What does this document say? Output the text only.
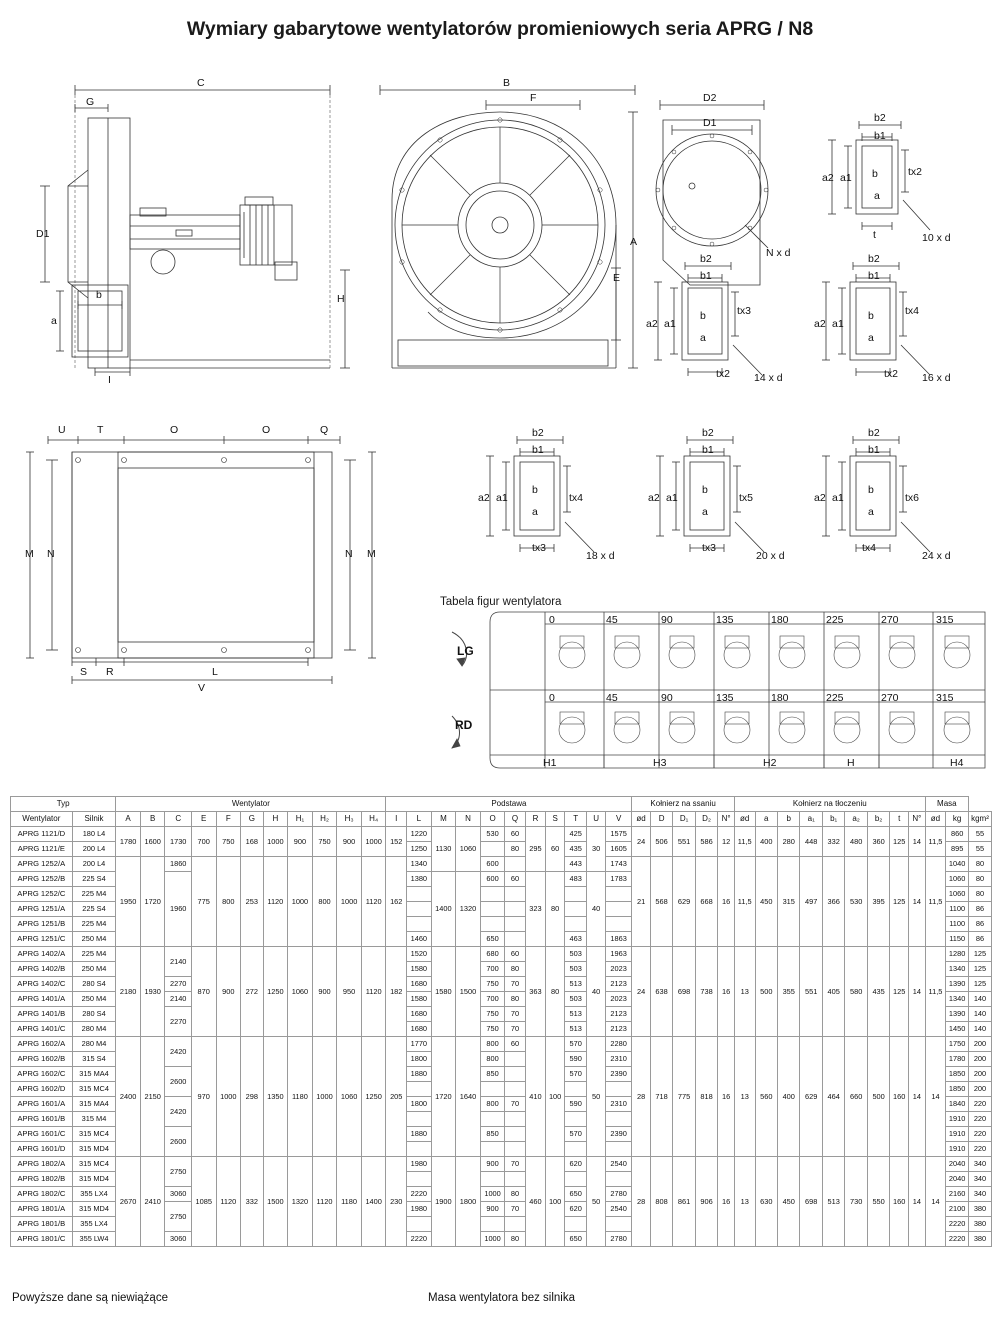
Wymiary gabarytowe wentylatorów promieniowych seria APRG / N8
C
G
D1
a
b
I
H
B
F
A
E
D2
D1
N x d
b2
b1
b
a2 a1
a
t
tx2
10 x d
b2
b1
b
a2 a1
a
tx3
tx2 14 x d
b2
b1
b
a2 a1
a
tx4
tx2 16 x d
U	T	O	O	Q
M N	N M
S R	L
V
b2
b1
b
a2 a1
a
tx4
tx3
18 x d
b2
b1
b
a2 a1
a
tx5
tx3
20 x d
b2
b1
b
a2 a1
a
tx6
tx4
24 x d
Tabela figur wentylatora
LG
RD
0	45	90	135	180	225	270	315
0	45	90	135	180	225	270	315
H1	H3	H2	H	H4
Typ		Wentylator											Podstawa											Kołnierz na ssaniu					Kołnierz na tłoczeniu									Masa		
Wentylator	Silnik	A	B	C	E	F	G	H	H₁	H₂	H₃	H₄	I	L	M	N	O	Q	R	S	T	U	V	ød	D	D₁	D₂	N°	ød	a	b	a₁	b₁	a₂	b₂	t	N°	ød	kg	kgm²
APRG 1121/D	180 L4	1780	1600	1730	700	750	168	1000	900	750	900	1000	152	1220	1130	1060	530	60	295	60	425	30	1575	24	506	551	586	12	11,5	400	280	448	332	480	360	125	14	11,5	860	55
APRG 1121/E	200 L4													1250				80			435		1605																895	55
APRG 1252/A	200 L4	1950	1720	1860	775	800	253	1120	1000	800	1000	1120	162	1340			600				443		1743	21	568	629	668	16	11,5	450	315	497	366	530	395	125	14	11,5	1040	80
APRG 1252/B	225 S4			1960										1380	1400	1320	600	60	323	80	483	40	1783																1060	80
APRG 1252/C	225 M4																																						1060	80
APRG 1251/A	225 S4																																						1100	86
APRG 1251/B	225 M4																																						1100	86
APRG 1251/C	250 M4													1460			650				463		1863																1150	86
APRG 1402/A	225 M4	2180	1930	2140	870	900	272	1250	1060	900	950	1120	182	1520	1580	1500	680	60	363	80	503	40	1963	24	638	698	738	16	13	500	355	551	405	580	435	125	14	11,5	1280	125
APRG 1402/B	250 M4													1580			700	80			503		2023																1340	125
APRG 1402/C	280 S4			2270										1680			750	70			513		2123																1390	125
APRG 1401/A	250 M4			2140										1580			700	80			503		2023																1340	140
APRG 1401/B	280 S4			2270										1680			750	70			513		2123																1390	140
APRG 1401/C	280 M4													1680			750	70			513		2123																1450	140
APRG 1602/A	280 M4	2400	2150	2420	970	1000	298	1350	1180	1000	1060	1250	205	1770	1720	1640	800	60	410	100	570	50	2280	28	718	775	818	16	13	560	400	629	464	660	500	160	14	14	1750	200
APRG 1602/B	315 S4													1800			800				590		2310																1780	200
APRG 1602/C	315 MA4			2600										1880			850				570		2390																1850	200
APRG 1602/D	315 MC4																																						1850	200
APRG 1601/A	315 MA4			2420										1800			800	70			590		2310																1840	220
APRG 1601/B	315 M4																																						1910	220
APRG 1601/C	315 MC4			2600										1880			850				570		2390																1910	220
APRG 1601/D	315 MD4																																						1910	220
APRG 1802/A	315 MC4	2670	2410	2750	1085	1120	332	1500	1320	1120	1180	1400	230	1980	1900	1800	900	70	460	100	620	50	2540	28	808	861	906	16	13	630	450	698	513	730	550	160	14	14	2040	340
APRG 1802/B	315 MD4																																						2040	340
APRG 1802/C	355 LX4			3060										2220			1000	80			650		2780																2160	340
APRG 1801/A	315 MD4			2750										1980			900	70			620		2540																2100	380
APRG 1801/B	355 LX4																																						2220	380
APRG 1801/C	355 LW4			3060										2220			1000	80			650		2780																2220	380
Powyższe dane są niewiążące	Masa wentylatora bez silnika
